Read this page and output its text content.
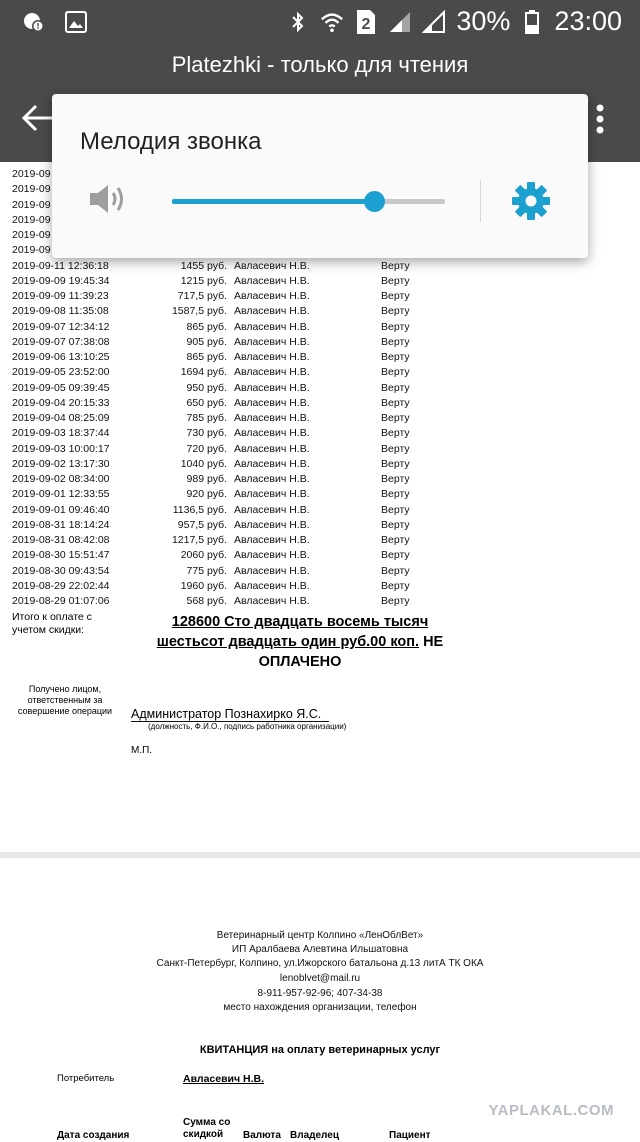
2	30% 23:00
Platezhki - только для чтения
2019-09
2019-09
2019-09
2019-09
2019-09
2019-09
2019-09-11 12:36:18	1455 руб. Авласевич Н.В.	Верту
2019-09-09 19:45:34	1215 руб. Авласевич Н.В.	Верту
2019-09-09 11:39:23	717,5 руб. Авласевич Н.В.	Верту
2019-09-08 11:35:08	1587,5 руб. Авласевич Н.В.	Верту
2019-09-07 12:34:12	865 руб. Авласевич Н.В.	Верту
2019-09-07 07:38:08	905 руб. Авласевич Н.В.	Верту
2019-09-06 13:10:25	865 руб. Авласевич Н.В.	Верту
2019-09-05 23:52:00	1694 руб. Авласевич Н.В.	Верту
2019-09-05 09:39:45	950 руб. Авласевич Н.В.	Верту
2019-09-04 20:15:33	650 руб. Авласевич Н.В.	Верту
2019-09-04 08:25:09	785 руб. Авласевич Н.В.	Верту
2019-09-03 18:37:44	730 руб. Авласевич Н.В.	Верту
2019-09-03 10:00:17	720 руб. Авласевич Н.В.	Верту
2019-09-02 13:17:30	1040 руб. Авласевич Н.В.	Верту
2019-09-02 08:34:00	989 руб. Авласевич Н.В.	Верту
2019-09-01 12:33:55	920 руб. Авласевич Н.В.	Верту
2019-09-01 09:46:40	1136,5 руб. Авласевич Н.В.	Верту
2019-08-31 18:14:24	957,5 руб. Авласевич Н.В.	Верту
2019-08-31 08:42:08	1217,5 руб. Авласевич Н.В.	Верту
2019-08-30 15:51:47	2060 руб. Авласевич Н.В.	Верту
2019-08-30 09:43:54	775 руб. Авласевич Н.В.	Верту
2019-08-29 22:02:44	1960 руб. Авласевич Н.В.	Верту
2019-08-29 01:07:06	568 руб. Авласевич Н.В.	Верту
Итого к оплате с
учетом скидки:	128600 Сто двадцать восемь тысяч
шестьсот двадцать один руб.00 коп. НЕ
ОПЛАЧЕНО
Получено лицом,
ответственным за
совершение операции Администратор Познахирко Я.С.
(должность, Ф.И.О., подпись работника организации)
М.П.
Ветеринарный центр Колпино «ЛенОблВет»
ИП Аралбаева Алевтина Ильшатовна
Санкт-Петербург, Колпино, ул.Ижорского батальона д.13 литА ТК ОКА
lenoblvet@mail.ru
8-911-957-92-96; 407-34-38
место нахождения организации, телефон
КВИТАНЦИЯ на оплату ветеринарных услуг
Потребитель	Авласевич Н.В.
Дата создания
Сумма со
скидкой	Валюта Владелец	Пациент
YAPLAKAL.COM
Мелодия звонка
